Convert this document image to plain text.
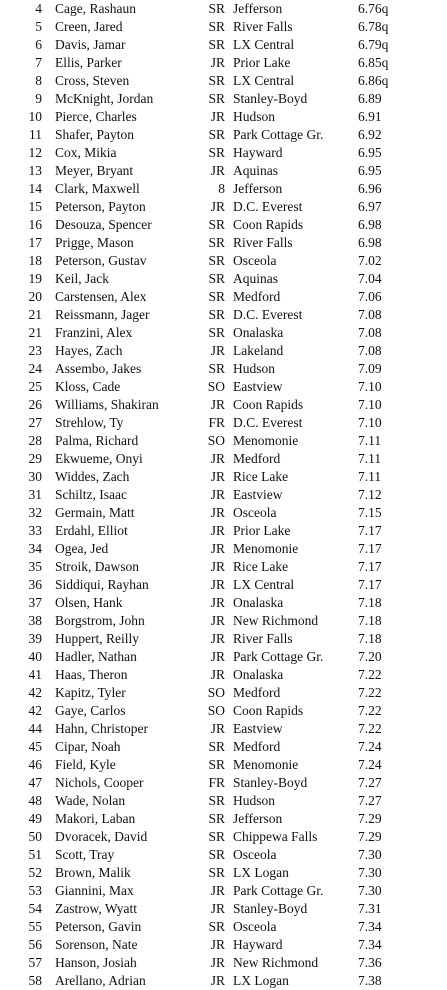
4 Cage, Rashaun	SR Jefferson	6.76q
5 Creen, Jared	SR River Falls	6.78q
6 Davis, Jamar	SR LX Central	6.79q
7 Ellis, Parker	JR Prior Lake	6.85q
8 Cross, Steven	SR LX Central	6.86q
9 McKnight, Jordan	SR Stanley-Boyd	6.89
10 Pierce, Charles	JR Hudson	6.91
11 Shafer, Payton	SR Park Cottage Gr.	6.92
12 Cox, Mikia	SR Hayward	6.95
13 Meyer, Bryant	JR Aquinas	6.95
14 Clark, Maxwell	8 Jefferson	6.96
15 Peterson, Payton	JR D.C. Everest	6.97
16 Desouza, Spencer	SR Coon Rapids	6.98
17 Prigge, Mason	SR River Falls	6.98
18 Peterson, Gustav	SR Osceola	7.02
19 Keil, Jack	SR Aquinas	7.04
20 Carstensen, Alex	SR Medford	7.06
21 Reissmann, Jager	SR D.C. Everest	7.08
21 Franzini, Alex	SR Onalaska	7.08
23 Hayes, Zach	JR Lakeland	7.08
24 Assembo, Jakes	SR Hudson	7.09
25 Kloss, Cade	SO Eastview	7.10
26 Williams, Shakiran	JR Coon Rapids	7.10
27 Strehlow, Ty	FR D.C. Everest	7.10
28 Palma, Richard	SO Menomonie	7.11
29 Ekwueme, Onyi	JR Medford	7.11
30 Widdes, Zach	JR Rice Lake	7.11
31 Schiltz, Isaac	JR Eastview	7.12
32 Germain, Matt	JR Osceola	7.15
33 Erdahl, Elliot	JR Prior Lake	7.17
34 Ogea, Jed	JR Menomonie	7.17
35 Stroik, Dawson	JR Rice Lake	7.17
36 Siddiqui, Rayhan	JR LX Central	7.17
37 Olsen, Hank	JR Onalaska	7.18
38 Borgstrom, John	JR New Richmond	7.18
39 Huppert, Reilly	JR River Falls	7.18
40 Hadler, Nathan	JR Park Cottage Gr.	7.20
41 Haas, Theron	JR Onalaska	7.22
42 Kapitz, Tyler	SO Medford	7.22
42 Gaye, Carlos	SO Coon Rapids	7.22
44 Hahn, Christoper	JR Eastview	7.22
45 Cipar, Noah	SR Medford	7.24
46 Field, Kyle	SR Menomonie	7.24
47 Nichols, Cooper	FR Stanley-Boyd	7.27
48 Wade, Nolan	SR Hudson	7.27
49 Makori, Laban	SR Jefferson	7.29
50 Dvoracek, David	SR Chippewa Falls	7.29
51 Scott, Tray	SR Osceola	7.30
52 Brown, Malik	SR LX Logan	7.30
53 Giannini, Max	JR Park Cottage Gr.	7.30
54 Zastrow, Wyatt	JR Stanley-Boyd	7.31
55 Peterson, Gavin	SR Osceola	7.34
56 Sorenson, Nate	JR Hayward	7.34
57 Hanson, Josiah	JR New Richmond	7.36
58 Arellano, Adrian	JR LX Logan	7.38
